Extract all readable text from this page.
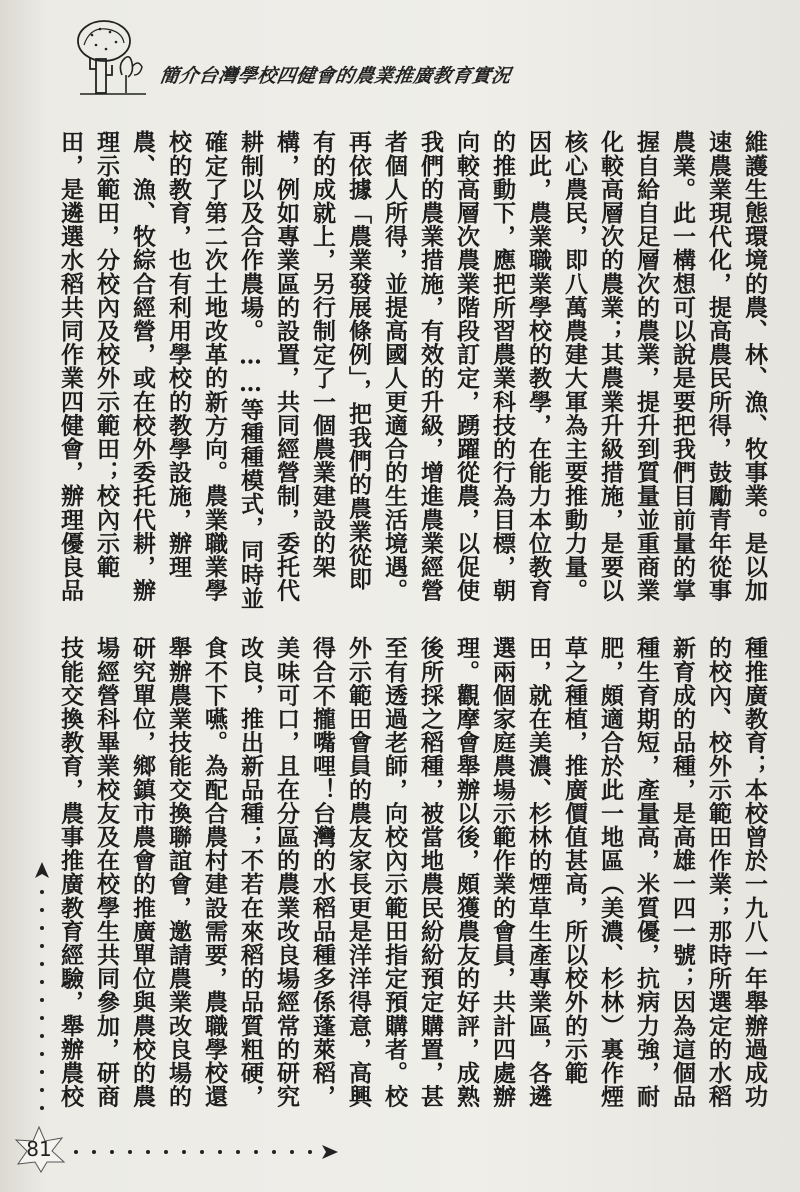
簡介台灣學校四健會的農業推廣教育實況
維護生態環境的農、林、漁、牧事業。是以加
速農業現代化，提高農民所得，鼓勵青年從事
農業。此一構想可以說是要把我們目前量的掌
握自給自足層次的農業，提升到質量並重商業
化較高層次的農業；其農業升級措施，是要以
核心農民，即八萬農建大軍為主要推動力量。
因此，農業職業學校的教學，在能力本位教育
的推動下，應把所習農業科技的行為目標，朝
向較高層次農業階段訂定，踴躍從農，以促使
我們的農業措施，有效的升級，增進農業經營
者個人所得，並提高國人更適合的生活境遇。
再依據「農業發展條例」，把我們的農業從即
有的成就上，另行制定了一個農業建設的架
構，例如專業區的設置，共同經營制，委托代
耕制以及合作農場。……等種種模式，同時並
確定了第二次土地改革的新方向。農業職業學
校的教育，也有利用學校的教學設施，辦理
農、漁、牧綜合經營，或在校外委托代耕，辦
理示範田，分校內及校外示範田；校內示範
田，是遴選水稻共同作業四健會，辦理優良品
種推廣教育；本校曾於一九八一年舉辦過成功
的校內、校外示範田作業；那時所選定的水稻
新育成的品種，是高雄一四一號；因為這個品
種生育期短，產量高，米質優，抗病力強，耐
肥，頗適合於此一地區（美濃、杉林）裏作煙
草之種植，推廣價值甚高，所以校外的示範
田，就在美濃、杉林的煙草生產專業區，各遴
選兩個家庭農場示範作業的會員，共計四處辦
理。觀摩會舉辦以後，頗獲農友的好評，成熟
後所採之稻種，被當地農民紛紛預定購置，甚
至有透過老師，向校內示範田指定預購者。校
外示範田會員的農友家長更是洋洋得意，高興
得合不攏嘴哩！台灣的水稻品種多係蓬萊稻，
美味可口，且在分區的農業改良場經常的研究
改良，推出新品種；不若在來稻的品質粗硬，
食不下嚥。為配合農村建設需要，農職學校還
舉辦農業技能交換聯誼會，邀請農業改良場的
研究單位，鄉鎮市農會的推廣單位與農校的農
場經營科畢業校友及在校學生共同參加，研商
技能交換教育，農事推廣教育經驗，舉辦農校
81
